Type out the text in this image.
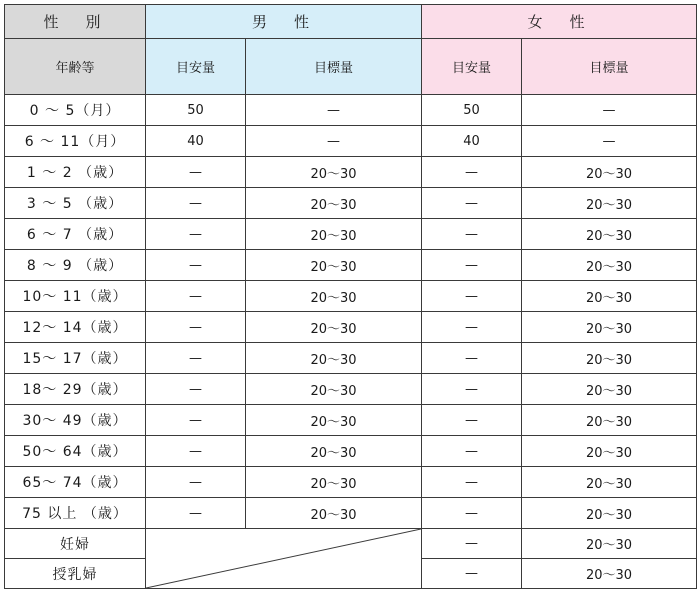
性　別	男　性		女　性	
年齢等	目安量	目標量	目安量	目標量
0 ～ 5（月）	50	—	50	—
6 ～ 11（月）	40	—	40	—
1 ～ 2 （歳）	—	20～30	—	20～30
3 ～ 5 （歳）	—	20～30	—	20～30
6 ～ 7 （歳）	—	20～30	—	20～30
8 ～ 9 （歳）	—	20～30	—	20～30
10～ 11（歳）	—	20～30	—	20～30
12～ 14（歳）	—	20～30	—	20～30
15～ 17（歳）	—	20～30	—	20～30
18～ 29（歳）	—	20～30	—	20～30
30～ 49（歳）	—	20～30	—	20～30
50～ 64（歳）	—	20～30	—	20～30
65～ 74（歳）	—	20～30	—	20～30
75 以上 （歳）	—	20～30	—	20～30
妊婦			—	20～30
授乳婦			—	20～30
